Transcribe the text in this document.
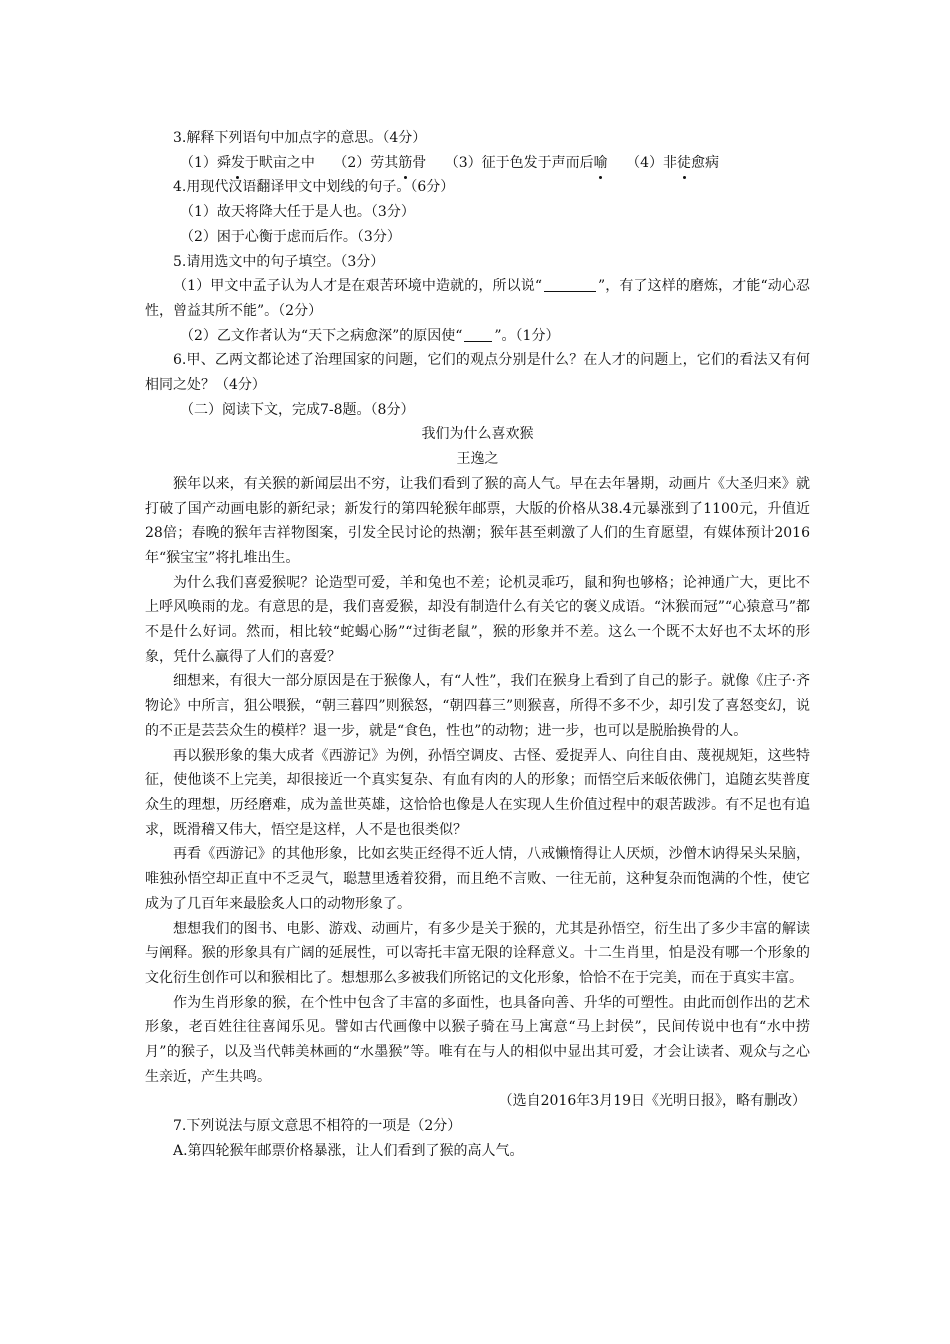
3.解释下列语句中加点字的意思。（4分）

（1）舜发于畎亩之中 （2）劳其筋骨 （3）征于色发于声而后喻 （4）非徒愈病

4.用现代汉语翻译甲文中划线的句子。（6分）

（1）故天将降大任于是人也。（3分）

（2）困于心衡于虑而后作。（3分）

5.请用选文中的句子填空。（3分）

（1）甲文中孟子认为人才是在艰苦环境中造就的，所以说“	”，有了这样的磨炼，才能“动心忍性，曾益其所不能”。（2分）

（2）乙文作者认为“天下之病愈深”的原因使“ ”。（1分）

6.甲、乙两文都论述了治理国家的问题，它们的观点分别是什么？在人才的问题上，它们的看法又有何相同之处？（4分）

（二）阅读下文，完成7-8题。（8分）

我们为什么喜欢猴

王逸之

猴年以来，有关猴的新闻层出不穷，让我们看到了猴的高人气。早在去年暑期，动画片《大圣归来》就打破了国产动画电影的新纪录；新发行的第四轮猴年邮票，大版的价格从38.4元暴涨到了1100元，升值近28倍；春晚的猴年吉祥物图案，引发全民讨论的热潮；猴年甚至刺激了人们的生育愿望，有媒体预计2016年“猴宝宝”将扎堆出生。

为什么我们喜爱猴呢？论造型可爱，羊和兔也不差；论机灵乖巧，鼠和狗也够格；论神通广大，更比不上呼风唤雨的龙。有意思的是，我们喜爱猴，却没有制造什么有关它的褒义成语。“沐猴而冠”“心猿意马”都不是什么好词。然而，相比较“蛇蝎心肠”“过街老鼠”，猴的形象并不差。这么一个既不太好也不太坏的形象，凭什么赢得了人们的喜爱？

细想来，有很大一部分原因是在于猴像人，有“人性”，我们在猴身上看到了自己的影子。就像《庄子·齐物论》中所言，狙公喂猴，“朝三暮四”则猴怒，“朝四暮三”则猴喜，所得不多不少，却引发了喜怒变幻，说的不正是芸芸众生的模样？退一步，就是“食色，性也”的动物；进一步，也可以是脱胎换骨的人。

再以猴形象的集大成者《西游记》为例，孙悟空调皮、古怪、爱捉弄人、向往自由、蔑视规矩，这些特征，使他谈不上完美，却很接近一个真实复杂、有血有肉的人的形象；而悟空后来皈依佛门，追随玄奘普度众生的理想，历经磨难，成为盖世英雄，这恰恰也像是人在实现人生价值过程中的艰苦跋涉。有不足也有追求，既滑稽又伟大，悟空是这样，人不是也很类似？

再看《西游记》的其他形象，比如玄奘正经得不近人情，八戒懒惰得让人厌烦，沙僧木讷得呆头呆脑，唯独孙悟空却正直中不乏灵气，聪慧里透着狡猾，而且绝不言败、一往无前，这种复杂而饱满的个性，使它成为了几百年来最脍炙人口的动物形象了。

想想我们的图书、电影、游戏、动画片，有多少是关于猴的，尤其是孙悟空，衍生出了多少丰富的解读与阐释。猴的形象具有广阔的延展性，可以寄托丰富无限的诠释意义。十二生肖里，怕是没有哪一个形象的文化衍生创作可以和猴相比了。想想那么多被我们所铭记的文化形象，恰恰不在于完美，而在于真实丰富。

作为生肖形象的猴，在个性中包含了丰富的多面性，也具备向善、升华的可塑性。由此而创作出的艺术形象，老百姓往往喜闻乐见。譬如古代画像中以猴子骑在马上寓意“马上封侯”，民间传说中也有“水中捞月”的猴子，以及当代韩美林画的“水墨猴”等。唯有在与人的相似中显出其可爱，才会让读者、观众与之心生亲近，产生共鸣。

（选自2016年3月19日《光明日报》，略有删改）

7.下列说法与原文意思不相符的一项是（2分）

A.第四轮猴年邮票价格暴涨，让人们看到了猴的高人气。
